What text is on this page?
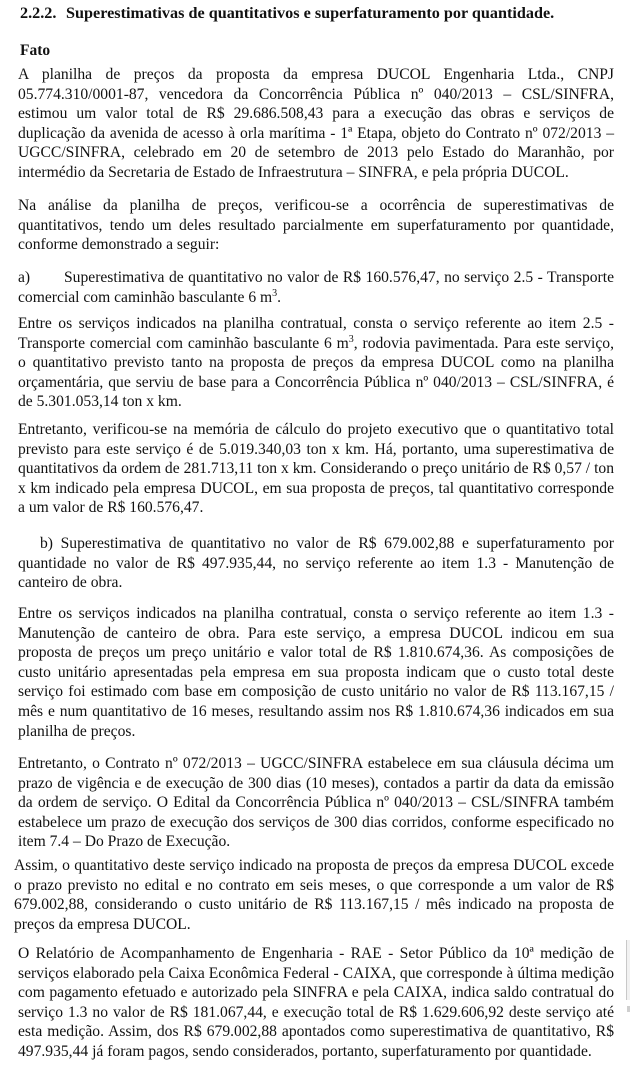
2.2.2. Superestimativas de quantitativos e superfaturamento por quantidade.
Fato

A planilha de preços da proposta da empresa DUCOL Engenharia Ltda., CNPJ 05.774.310/0001-87, vencedora da Concorrência Pública nº 040/2013 – CSL/SINFRA, estimou um valor total de R$ 29.686.508,43 para a execução das obras e serviços de duplicação da avenida de acesso à orla marítima - 1ª Etapa, objeto do Contrato nº 072/2013 – UGCC/SINFRA, celebrado em 20 de setembro de 2013 pelo Estado do Maranhão, por intermédio da Secretaria de Estado de Infraestrutura – SINFRA, e pela própria DUCOL.

Na análise da planilha de preços, verificou-se a ocorrência de superestimativas de quantitativos, tendo um deles resultado parcialmente em superfaturamento por quantidade, conforme demonstrado a seguir:

a) Superestimativa de quantitativo no valor de R$ 160.576,47, no serviço 2.5 - Transporte comercial com caminhão basculante 6 $m^3$.

Entre os serviços indicados na planilha contratual, consta o serviço referente ao item 2.5 - Transporte comercial com caminhão basculante 6 $m^3$, rodovia pavimentada. Para este serviço, o quantitativo previsto tanto na proposta de preços da empresa DUCOL como na planilha orçamentária, que serviu de base para a Concorrência Pública nº 040/2013 – CSL/SINFRA, é de 5.301.053,14 ton x km.

Entretanto, verificou-se na memória de cálculo do projeto executivo que o quantitativo total previsto para este serviço é de 5.019.340,03 ton x km. Há, portanto, uma superestimativa de quantitativos da ordem de 281.713,11 ton x km. Considerando o preço unitário de R$ 0,57 / ton x km indicado pela empresa DUCOL, em sua proposta de preços, tal quantitativo corresponde a um valor de R$ 160.576,47.

b) Superestimativa de quantitativo no valor de R$ 679.002,88 e superfaturamento por quantidade no valor de R$ 497.935,44, no serviço referente ao item 1.3 - Manutenção de canteiro de obra.

Entre os serviços indicados na planilha contratual, consta o serviço referente ao item 1.3 - Manutenção de canteiro de obra. Para este serviço, a empresa DUCOL indicou em sua proposta de preços um preço unitário e valor total de R$ 1.810.674,36. As composições de custo unitário apresentadas pela empresa em sua proposta indicam que o custo total deste serviço foi estimado com base em composição de custo unitário no valor de R$ 113.167,15 / mês e num quantitativo de 16 meses, resultando assim nos R$ 1.810.674,36 indicados em sua planilha de preços.

Entretanto, o Contrato nº 072/2013 – UGCC/SINFRA estabelece em sua cláusula décima um prazo de vigência e de execução de 300 dias (10 meses), contados a partir da data da emissão da ordem de serviço. O Edital da Concorrência Pública nº 040/2013 – CSL/SINFRA também estabelece um prazo de execução dos serviços de 300 dias corridos, conforme especificado no item 7.4 – Do Prazo de Execução.

Assim, o quantitativo deste serviço indicado na proposta de preços da empresa DUCOL excede o prazo previsto no edital e no contrato em seis meses, o que corresponde a um valor de R$ 679.002,88, considerando o custo unitário de R$ 113.167,15 / mês indicado na proposta de preços da empresa DUCOL.

O Relatório de Acompanhamento de Engenharia - RAE - Setor Público da 10ª medição de serviços elaborado pela Caixa Econômica Federal - CAIXA, que corresponde à última medição com pagamento efetuado e autorizado pela SINFRA e pela CAIXA, indica saldo contratual do serviço 1.3 no valor de R$ 181.067,44, e execução total de R$ 1.629.606,92 deste serviço até esta medição. Assim, dos R$ 679.002,88 apontados como superestimativa de quantitativo, R$ 497.935,44 já foram pagos, sendo considerados, portanto, superfaturamento por quantidade.
